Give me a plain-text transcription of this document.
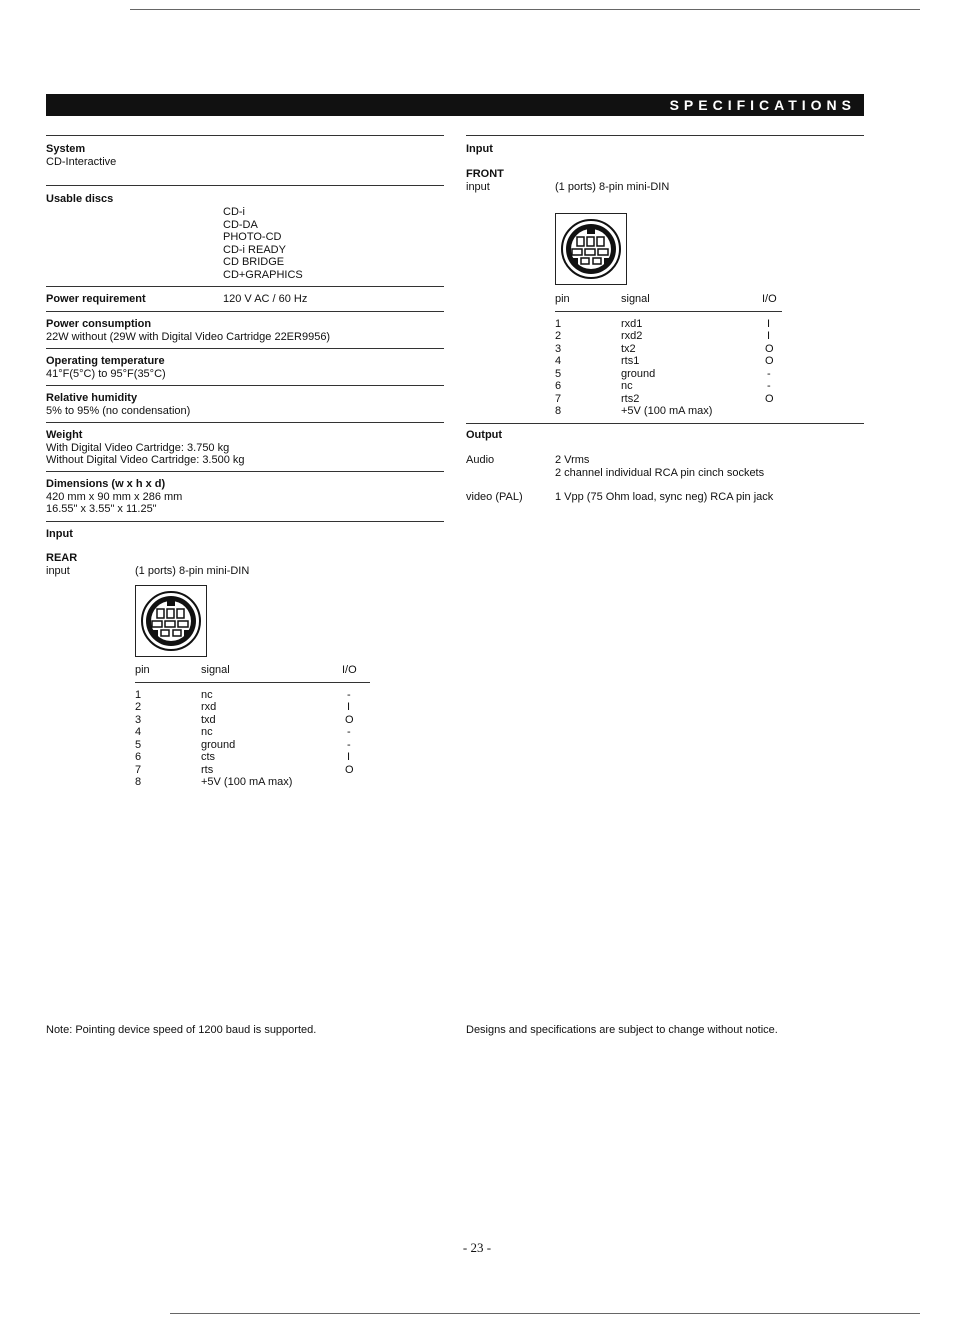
SPECIFICATIONS
System
CD-Interactive
Usable discs
CD-i
CD-DA
PHOTO-CD
CD-i READY
CD BRIDGE
CD+GRAPHICS
Power requirement	120 V AC / 60 Hz
Power consumption
22W without (29W with Digital Video Cartridge 22ER9956)
Operating temperature
41°F(5°C) to 95°F(35°C)
Relative humidity
5% to 95% (no condensation)
Weight
With Digital Video Cartridge: 3.750 kg
Without Digital Video Cartridge: 3.500 kg
Dimensions (w x h x d)
420 mm x 90 mm x 286 mm
16.55" x 3.55" x 11.25"
Input
REAR
input	(1 ports) 8-pin mini-DIN
pin	signal	I/O
1	nc	-
2	rxd	I
3	txd	O
4	nc	-
5	ground	-
6	cts	I
7	rts	O
8	+5V (100 mA max)
Note: Pointing device speed of 1200 baud is supported.
Input
FRONT
input	(1 ports) 8-pin mini-DIN
pin	signal	I/O
1	rxd1	I
2	rxd2	I
3	tx2	O
4	rts1	O
5	ground	-
6	nc	-
7	rts2	O
8	+5V (100 mA max)
Output
Audio	2 Vrms
2 channel individual RCA pin cinch sockets
video (PAL)	1 Vpp (75 Ohm load, sync neg) RCA pin jack
Designs and specifications are subject to change without notice.
- 23 -
